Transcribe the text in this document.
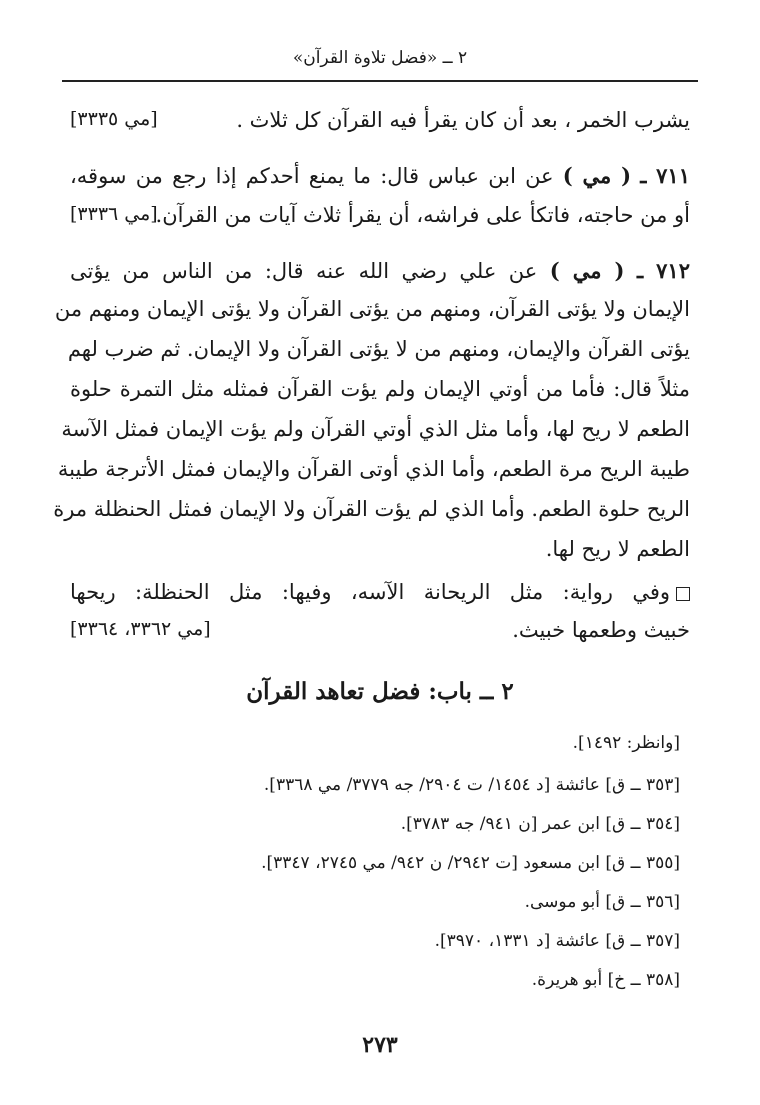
٢ ــ «فضل تلاوة القرآن»
يشرب الخمر ، بعد أن كان يقرأ فيه القرآن كل ثلاث .
[مي ٣٣٣٥]
٧١١ ـ ( مي ) عن ابن عباس قال: ما يمنع أحدكم إذا رجع من سوقه،
أو من حاجته، فاتكأ على فراشه، أن يقرأ ثلاث آيات من القرآن.
[مي ٣٣٣٦]
٧١٢ ـ ( مي ) عن علي رضي الله عنه قال: من الناس من يؤتى
الإيمان ولا يؤتى القرآن، ومنهم من يؤتى القرآن ولا يؤتى الإيمان ومنهم من
يؤتى القرآن والإيمان، ومنهم من لا يؤتى القرآن ولا الإيمان. ثم ضرب لهم
مثلاً قال: فأما من أوتي الإيمان ولم يؤت القرآن فمثله مثل التمرة حلوة
الطعم لا ريح لها، وأما مثل الذي أوتي القرآن ولم يؤت الإيمان فمثل الآسة
طيبة الريح مرة الطعم، وأما الذي أوتى القرآن والإيمان فمثل الأترجة طيبة
الريح حلوة الطعم. وأما الذي لم يؤت القرآن ولا الإيمان فمثل الحنظلة مرة
الطعم لا ريح لها.
وفي رواية: مثل الريحانة الآسه، وفيها: مثل الحنظلة: ريحها
خبيث وطعمها خبيث.
[مي ٣٣٦٢، ٣٣٦٤]
٢ ــ باب: فضل تعاهد القرآن
[وانظر: ١٤٩٢].
[٣٥٣ ــ ق] عائشة [د ١٤٥٤/ ت ٢٩٠٤/ جه ٣٧٧٩/ مي ٣٣٦٨].
[٣٥٤ ــ ق] ابن عمر [ن ٩٤١/ جه ٣٧٨٣].
[٣٥٥ ــ ق] ابن مسعود [ت ٢٩٤٢/ ن ٩٤٢/ مي ٢٧٤٥، ٣٣٤٧].
[٣٥٦ ــ ق] أبو موسى.
[٣٥٧ ــ ق] عائشة [د ١٣٣١، ٣٩٧٠].
[٣٥٨ ــ خ] أبو هريرة.
٢٧٣
